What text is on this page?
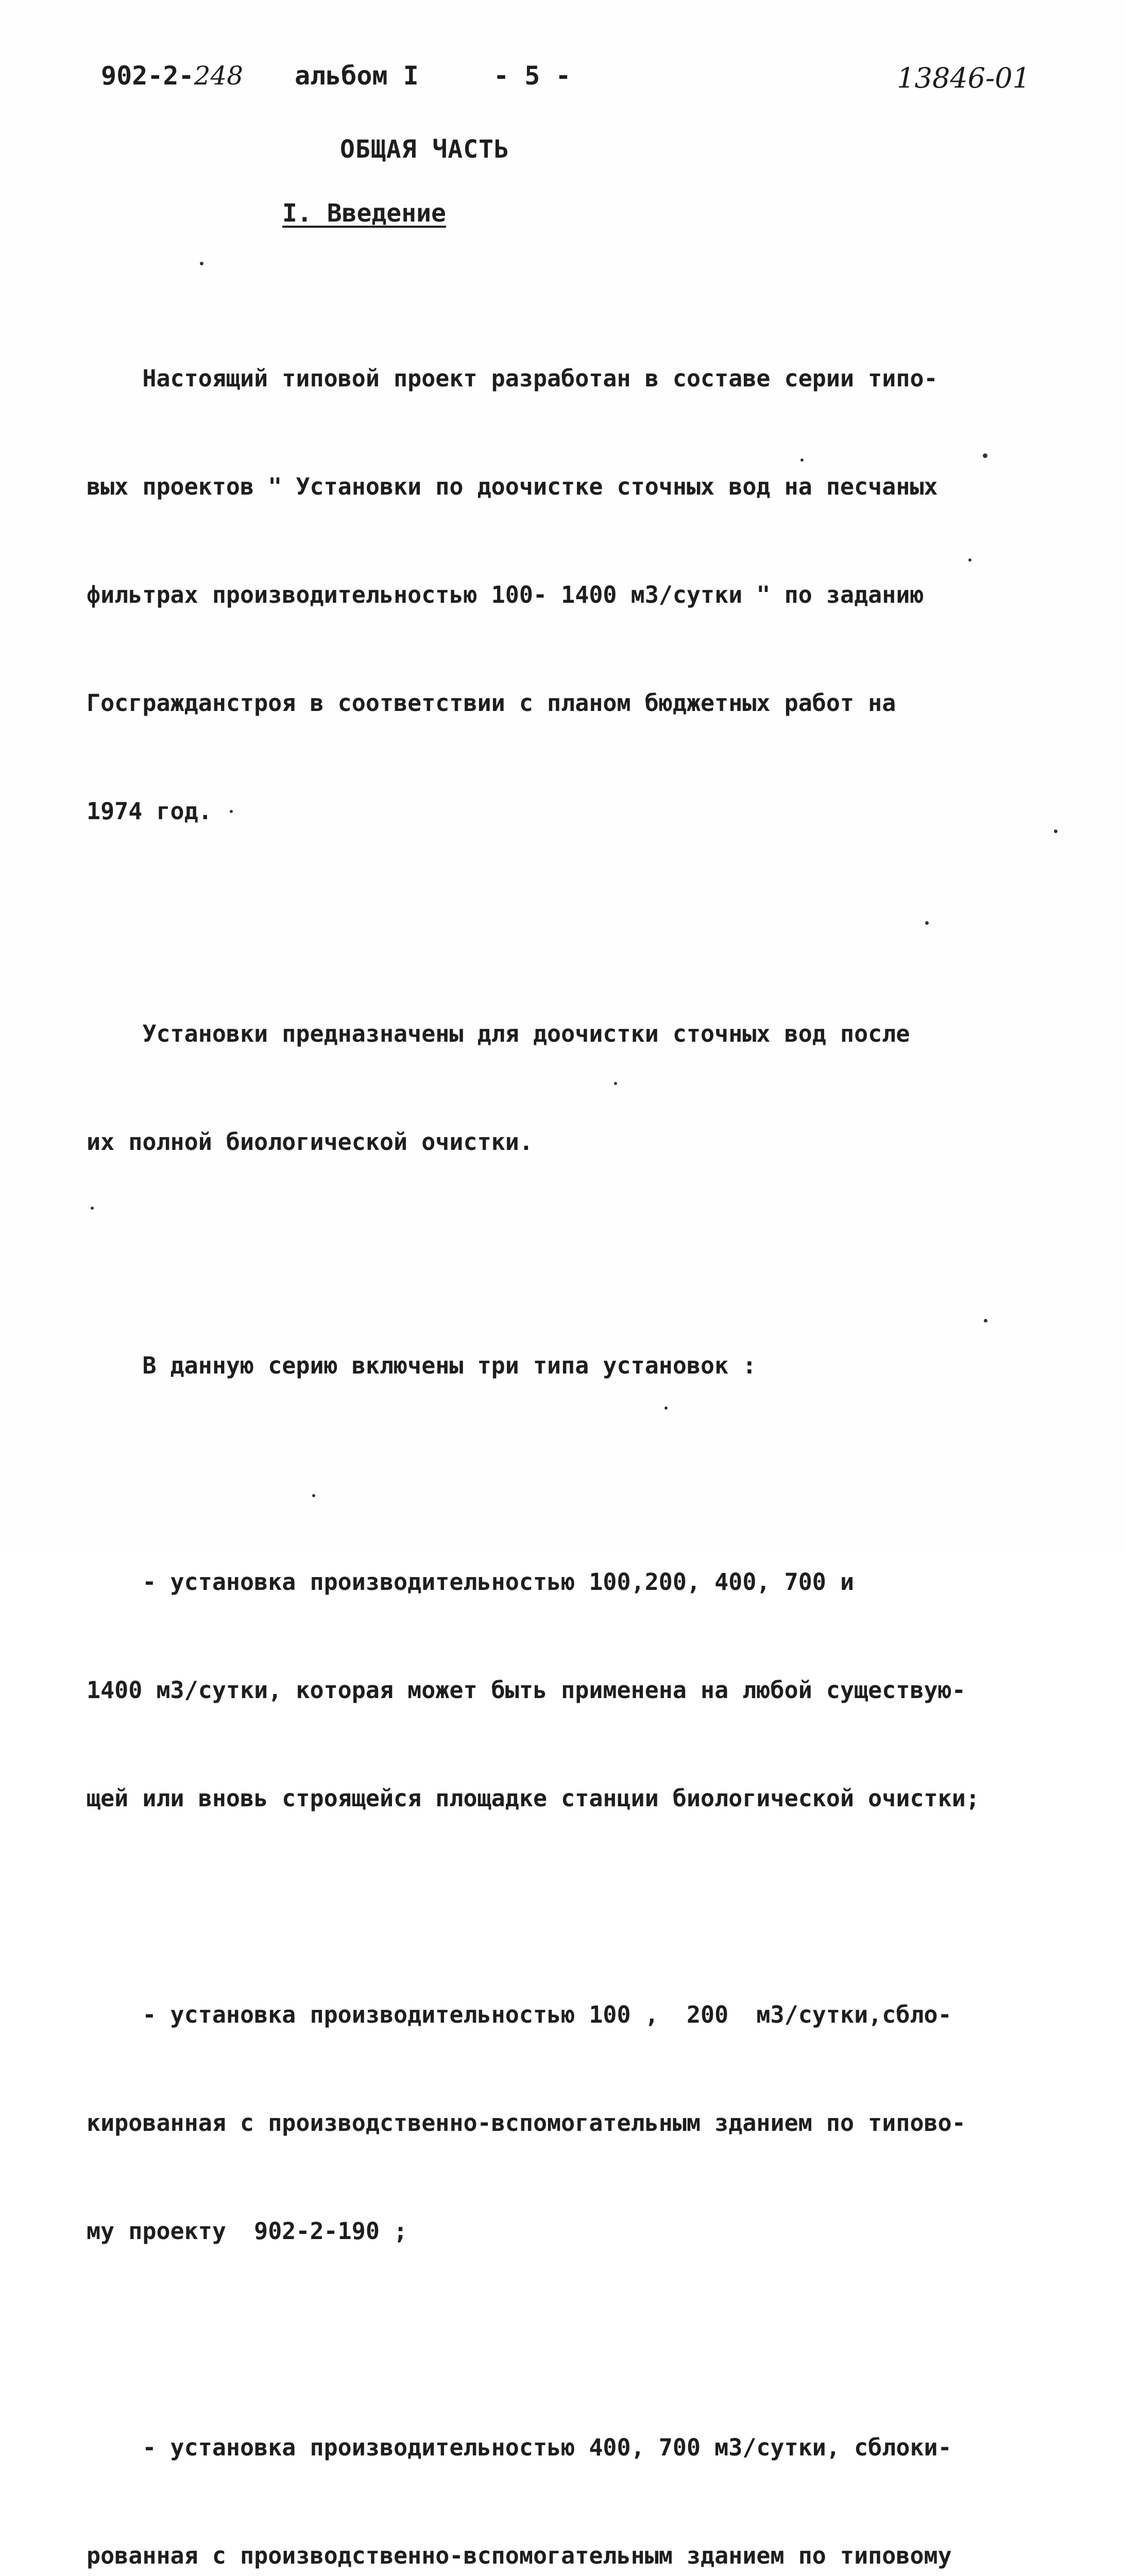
902-2-248 альбом I	- 5 -	13846-01
ОБЩАЯ ЧАСТЬ
I. Введение

Настоящий типовой проект разработан в составе серии типо-

вых проектов " Установки по доочистке сточных вод на песчаных

фильтрах производительностью 100- 1400 м3/сутки " по заданию

Госгражданстроя в соответствии с планом бюджетных работ на

1974 год.

Установки предназначены для доочистки сточных вод после

их полной биологической очистки.

В данную серию включены три типа установок :

- установка производительностью 100,200, 400, 700 и

1400 м3/сутки, которая может быть применена на любой существую-

щей или вновь строящейся площадке станции биологической очистки;

- установка производительностью 100 ,  200  м3/сутки,сбло-

кированная с производственно-вспомогательным зданием по типово-

му проекту  902-2-190 ;

- установка производительностью 400, 700 м3/сутки, сблоки-

рованная с производственно-вспомогательным зданием по типовому
